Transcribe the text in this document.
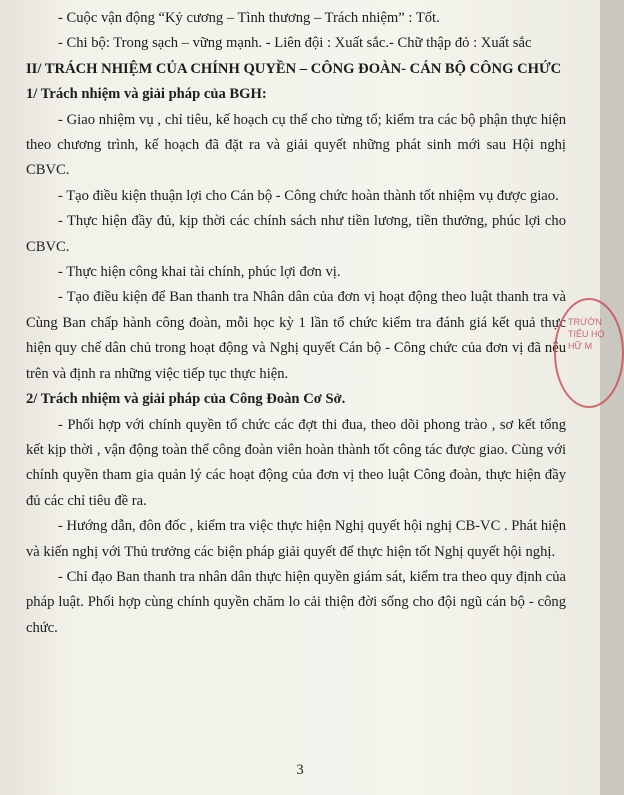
- Cuộc vận động “Kỷ cương – Tình thương – Trách nhiệm” : Tốt.

- Chi bộ: Trong sạch – vững mạnh. - Liên đội : Xuất sắc.- Chữ thập đỏ : Xuất sắc

II/ TRÁCH NHIỆM CỦA CHÍNH QUYỀN – CÔNG ĐOÀN- CÁN BỘ CÔNG CHỨC

1/ Trách nhiệm và giải pháp của BGH:

- Giao nhiệm vụ , chỉ tiêu, kế hoạch cụ thể cho từng tổ; kiểm tra các bộ phận thực hiện theo chương trình, kế hoạch đã đặt ra và giải quyết những phát sinh mới sau Hội nghị CBVC.

- Tạo điều kiện thuận lợi cho Cán bộ - Công chức hoàn thành tốt nhiệm vụ được giao.

- Thực hiện đầy đủ, kịp thời các chính sách như tiền lương, tiền thưởng, phúc lợi cho CBVC.

- Thực hiện công khai tài chính, phúc lợi đơn vị.

- Tạo điều kiện để Ban thanh tra Nhân dân của đơn vị hoạt động theo luật thanh tra và Cùng Ban chấp hành công đoàn, mỗi học kỳ 1 lần tổ chức kiểm tra đánh giá kết quả thực hiện quy chế dân chủ trong hoạt động và Nghị quyết Cán bộ - Công chức của đơn vị đã nêu trên và định ra những việc tiếp tục thực hiện.

2/ Trách nhiệm và giải pháp của Công Đoàn Cơ Sở.

- Phối hợp với chính quyền tổ chức các đợt thi đua, theo dõi phong trào , sơ kết tổng kết kịp thời , vận động toàn thể công đoàn viên hoàn thành tốt công tác được giao. Cùng với chính quyền tham gia quản lý các hoạt động của đơn vị theo luật Công đoàn, thực hiện đầy đủ các chỉ tiêu đề ra.

- Hướng dẫn, đôn đốc , kiểm tra việc thực hiện Nghị quyết hội nghị CB-VC . Phát hiện và kiến nghị với Thủ trưởng các biện pháp giải quyết để thực hiện tốt Nghị quyết hội nghị.

- Chỉ đạo Ban thanh tra nhân dân thực hiện quyền giám sát, kiểm tra theo quy định của pháp luật. Phối hợp cùng chính quyền chăm lo cải thiện đời sống cho đội ngũ cán bộ - công chức.

TRƯỜN
TIỂU HỌ
HỮ M
3
